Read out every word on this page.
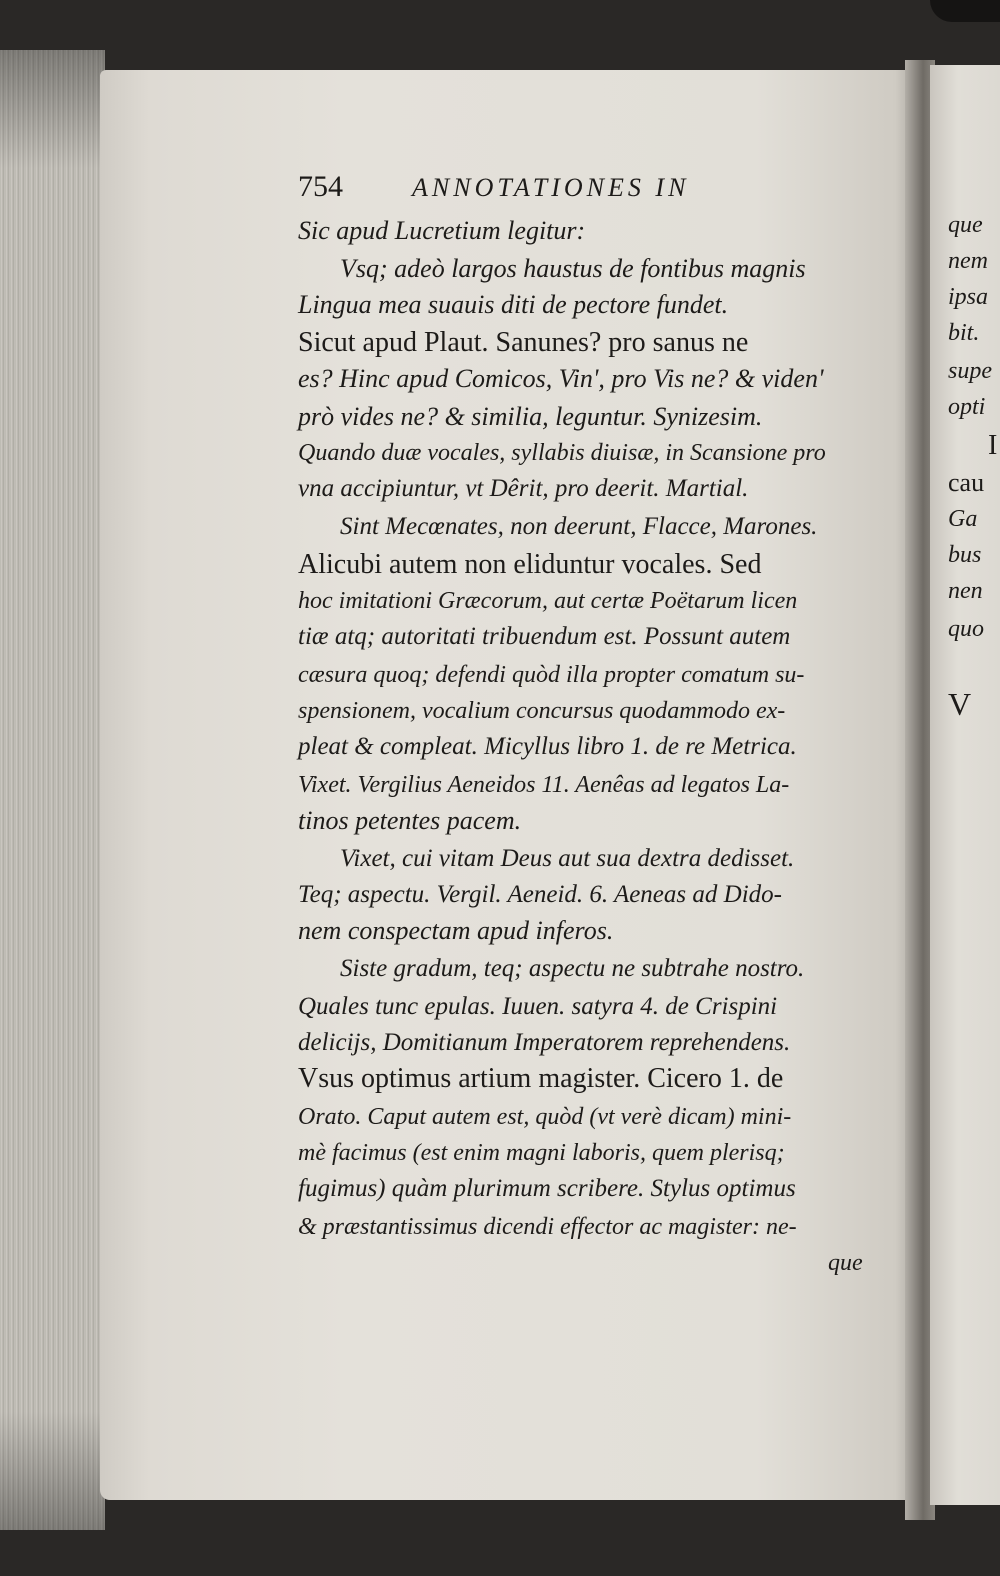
754	ANNOTATIONES IN
Sic apud Lucretium legitur:
Vsq; adeò largos haustus de fontibus magnis
Lingua mea suauis diti de pectore fundet.
Sicut apud Plaut. Sanunes? pro sanus ne
es? Hinc apud Comicos, Vin', pro Vis ne? & viden'
prò vides ne? & similia, leguntur. Synizesim.
Quando duæ vocales, syllabis diuisæ, in Scansione pro
vna accipiuntur, vt Dêrit, pro deerit. Martial.
Sint Mecœnates, non deerunt, Flacce, Marones.
Alicubi autem non eliduntur vocales. Sed
hoc imitationi Græcorum, aut certæ Poëtarum licen
tiæ atq; autoritati tribuendum est. Possunt autem
cæsura quoq; defendi quòd illa propter comatum su-
spensionem, vocalium concursus quodammodo ex-
pleat & compleat. Micyllus libro 1. de re Metrica.
Vixet. Vergilius Aeneidos 11. Aenêas ad legatos La-
tinos petentes pacem.
Vixet, cui vitam Deus aut sua dextra dedisset.
Teq; aspectu. Vergil. Aeneid. 6. Aeneas ad Dido-
nem conspectam apud inferos.
Siste gradum, teq; aspectu ne subtrahe nostro.
Quales tunc epulas. Iuuen. satyra 4. de Crispini
delicijs, Domitianum Imperatorem reprehendens.
Vsus optimus artium magister. Cicero 1. de
Orato. Caput autem est, quòd (vt verè dicam) mini-
mè facimus (est enim magni laboris, quem plerisq;
fugimus) quàm plurimum scribere. Stylus optimus
& præstantissimus dicendi effector ac magister: ne-
que
que
nem
ipsa
bit.
supe
opti
I
cau
Ga
bus
nen
quo
V
